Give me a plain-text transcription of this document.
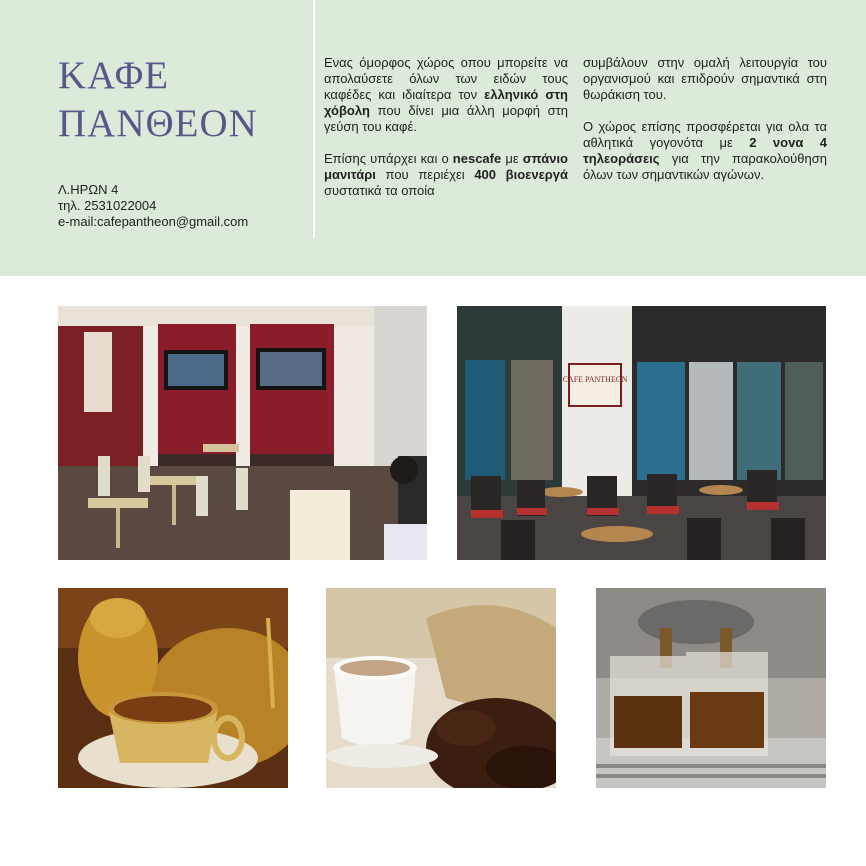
ΚΑΦΕ
ΠΑΝΘΕΟΝ
Λ.ΗΡΩΝ 4
τηλ. 2531022004
e-mail:cafepantheon@gmail.com

Ενας όμορφος χώρος οπου μπορείτε να απολαύσετε όλων των ειδών τους καφέδες και ιδιαίτερα τον ελληνικό στη χόβολη που δίνει μια άλλη μορφή στη γεύση του καφέ.

Επίσης υπάρχει και ο nescafe με σπάνιο μανιτάρι που περιέχει 400 βιοενεργά συστατικά τα οποία

συμβάλουν στην ομαλή λειτουργία του οργανισμού και επιδρούν σημαντικά στη θωράκιση του.

Ο χώρος επίσης προσφέρεται για ολα τα αθλητικά γογονότα με 2 νοvα 4 τηλεοράσεις για την παρακολούθηση όλων των σημαντικών αγώνων.

CAFE PANTHEON
